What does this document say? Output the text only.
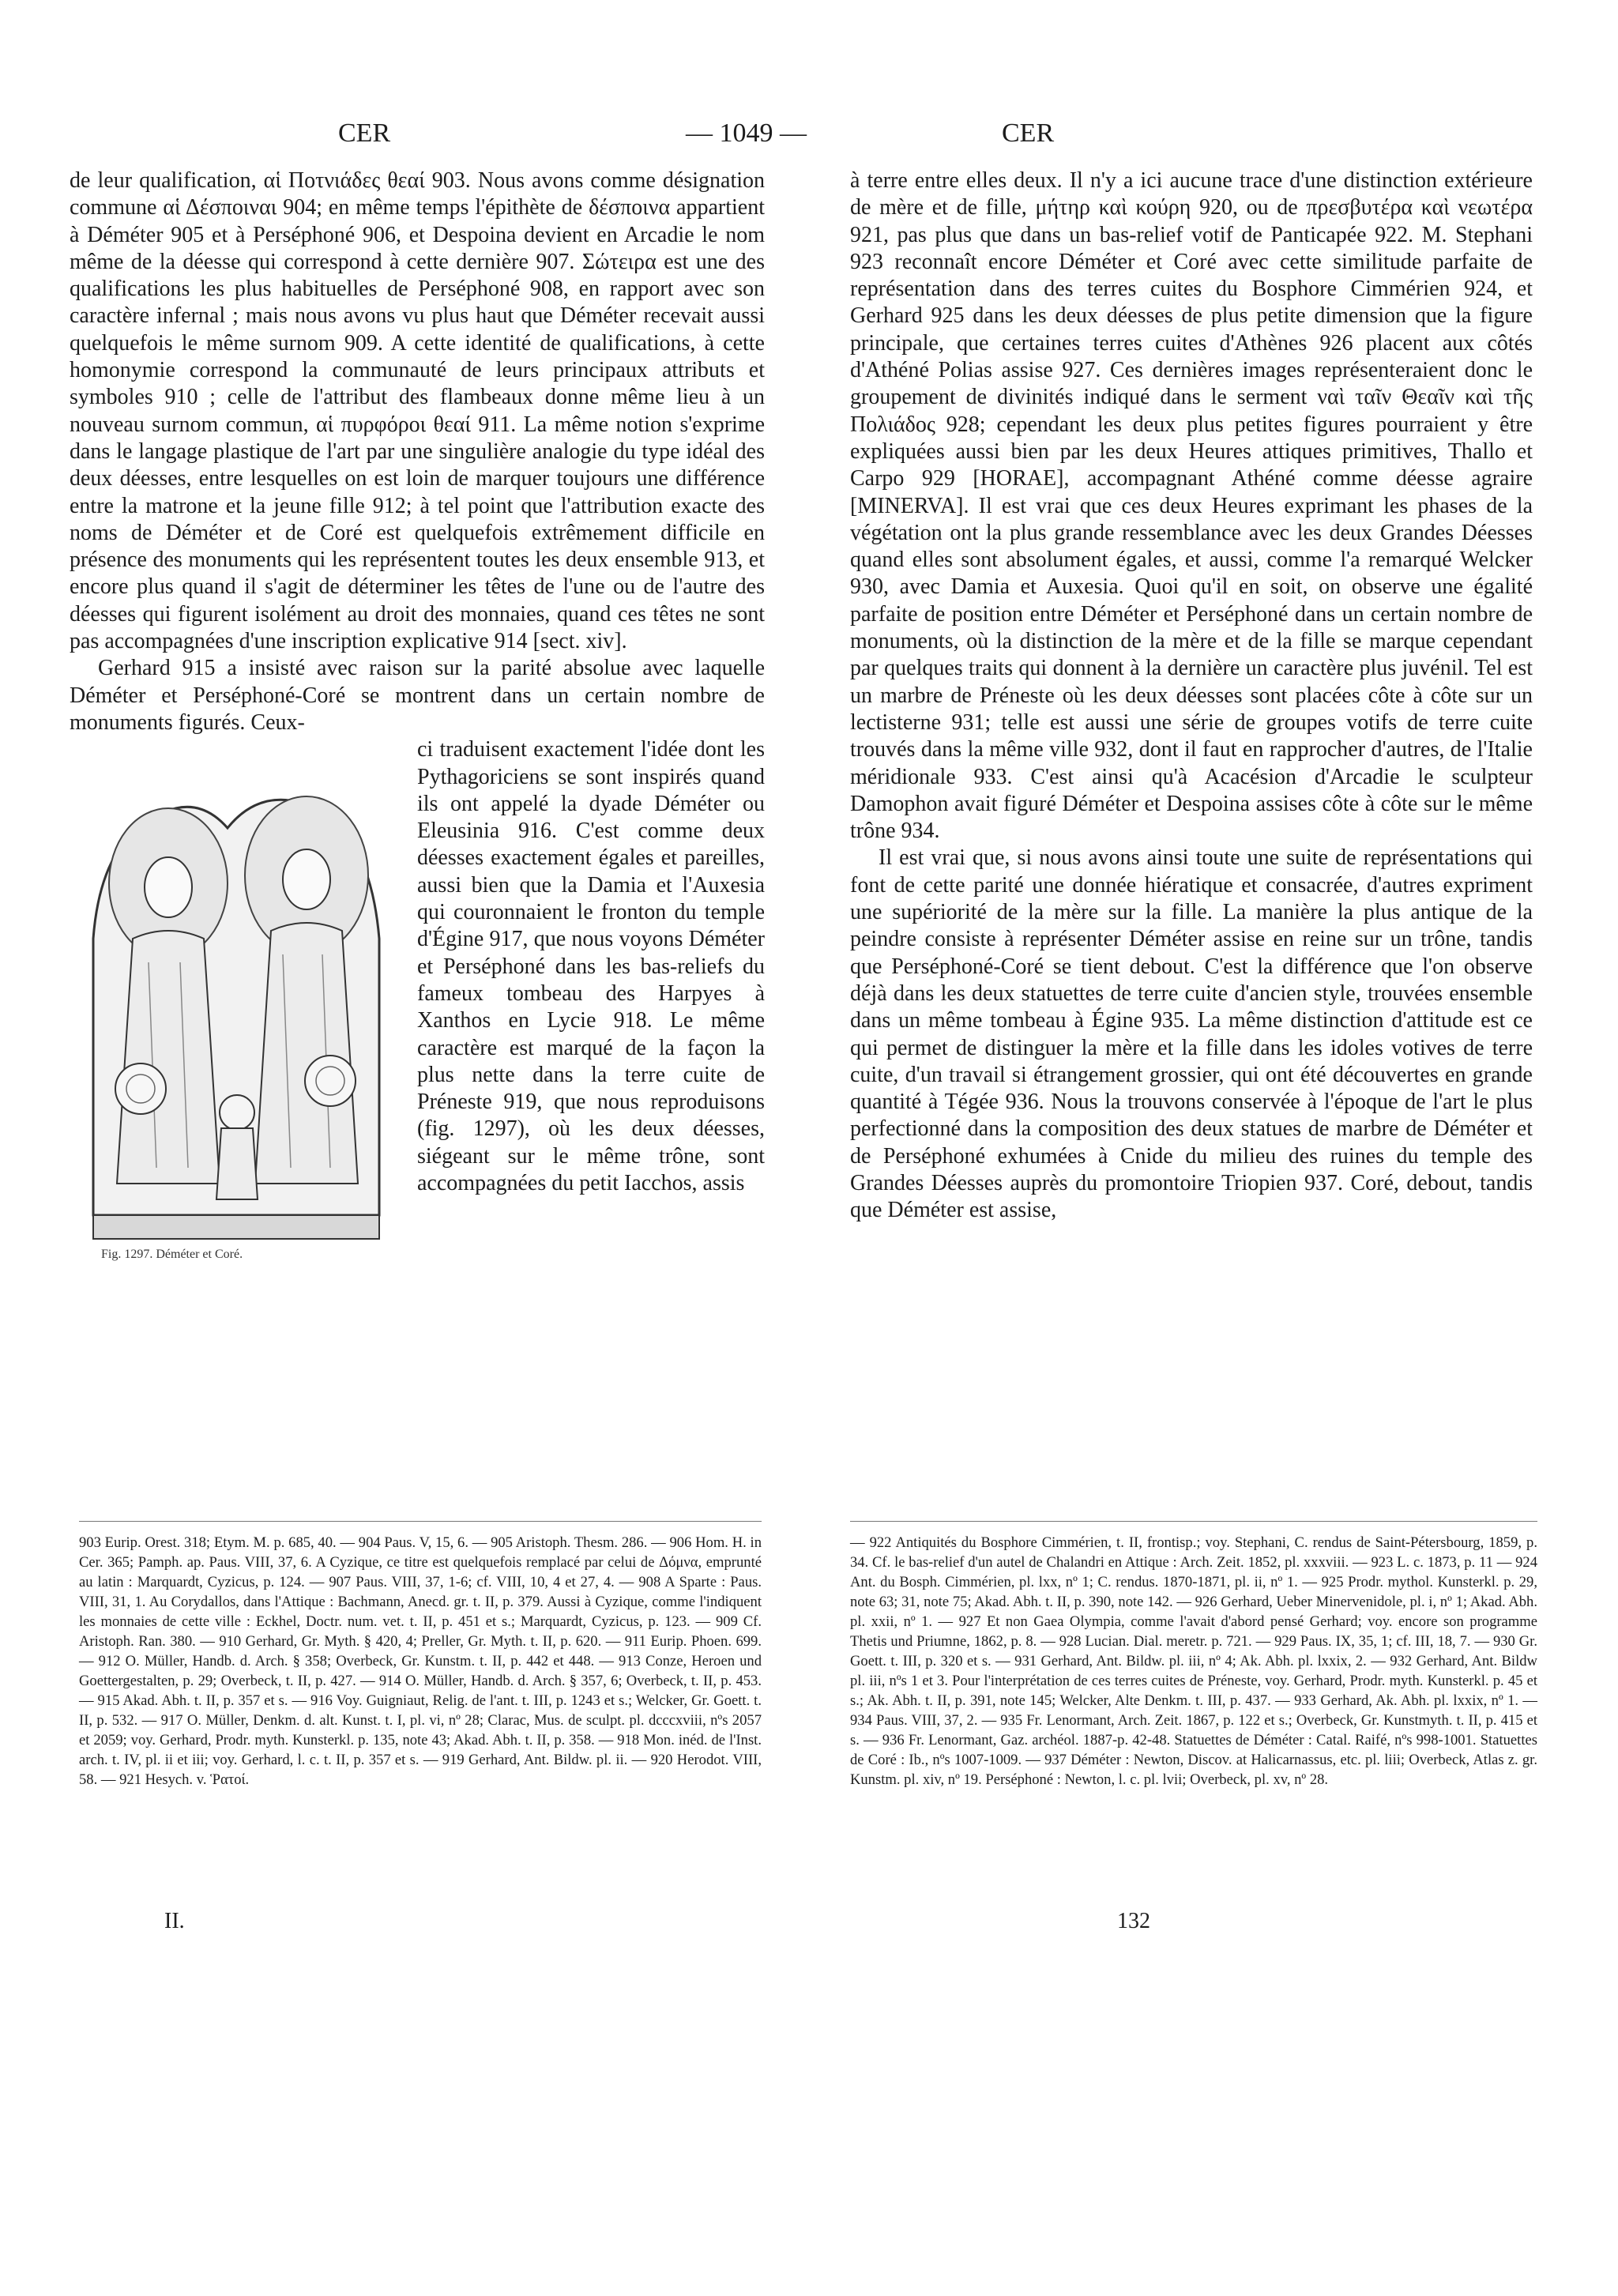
CER	— 1049 —	CER

de leur qualification, αἱ Ποτνιάδες θεαί 903. Nous avons comme désignation commune αἱ Δέσποιναι 904; en même temps l'épithète de δέσποινα appartient à Déméter 905 et à Perséphoné 906, et Despoina devient en Arcadie le nom même de la déesse qui correspond à cette dernière 907. Σώτειρα est une des qualifications les plus habituelles de Perséphoné 908, en rapport avec son caractère infernal ; mais nous avons vu plus haut que Déméter recevait aussi quelquefois le même surnom 909. A cette identité de qualifications, à cette homonymie correspond la communauté de leurs principaux attributs et symboles 910 ; celle de l'attribut des flambeaux donne même lieu à un nouveau surnom commun, αἱ πυρφόροι θεαί 911. La même notion s'exprime dans le langage plastique de l'art par une singulière analogie du type idéal des deux déesses, entre lesquelles on est loin de marquer toujours une différence entre la matrone et la jeune fille 912; à tel point que l'attribution exacte des noms de Déméter et de Coré est quelquefois extrêmement difficile en présence des monuments qui les représentent toutes les deux ensemble 913, et encore plus quand il s'agit de déterminer les têtes de l'une ou de l'autre des déesses qui figurent isolément au droit des monnaies, quand ces têtes ne sont pas accompagnées d'une inscription explicative 914 [sect. xiv].

Gerhard 915 a insisté avec raison sur la parité absolue avec laquelle Déméter et Perséphoné-Coré se montrent dans un certain nombre de monuments figurés. Ceux-

Fig. 1297. Déméter et Coré.

ci traduisent exactement l'idée dont les Pythagoriciens se sont inspirés quand ils ont appelé la dyade Déméter ou Eleusinia 916. C'est comme deux déesses exactement égales et pareilles, aussi bien que la Damia et l'Auxesia qui couronnaient le fronton du temple d'Égine 917, que nous voyons Déméter et Perséphoné dans les bas-reliefs du fameux tombeau des Harpyes à Xanthos en Lycie 918. Le même caractère est marqué de la façon la plus nette dans la terre cuite de Préneste 919, que nous reproduisons (fig. 1297), où les deux déesses, siégeant sur le même trône, sont accompagnées du petit Iacchos, assis

à terre entre elles deux. Il n'y a ici aucune trace d'une distinction extérieure de mère et de fille, μήτηρ καὶ κούρη 920, ou de πρεσβυτέρα καὶ νεωτέρα 921, pas plus que dans un bas-relief votif de Panticapée 922. M. Stephani 923 reconnaît encore Déméter et Coré avec cette similitude parfaite de représentation dans des terres cuites du Bosphore Cimmérien 924, et Gerhard 925 dans les deux déesses de plus petite dimension que la figure principale, que certaines terres cuites d'Athènes 926 placent aux côtés d'Athéné Polias assise 927. Ces dernières images représenteraient donc le groupement de divinités indiqué dans le serment ναὶ ταῖν Θεαῖν καὶ τῆς Πολιάδος 928; cependant les deux plus petites figures pourraient y être expliquées aussi bien par les deux Heures attiques primitives, Thallo et Carpo 929 [HORAE], accompagnant Athéné comme déesse agraire [MINERVA]. Il est vrai que ces deux Heures exprimant les phases de la végétation ont la plus grande ressemblance avec les deux Grandes Déesses quand elles sont absolument égales, et aussi, comme l'a remarqué Welcker 930, avec Damia et Auxesia. Quoi qu'il en soit, on observe une égalité parfaite de position entre Déméter et Perséphoné dans un certain nombre de monuments, où la distinction de la mère et de la fille se marque cependant par quelques traits qui donnent à la dernière un caractère plus juvénil. Tel est un marbre de Préneste où les deux déesses sont placées côte à côte sur un lectisterne 931; telle est aussi une série de groupes votifs de terre cuite trouvés dans la même ville 932, dont il faut en rapprocher d'autres, de l'Italie méridionale 933. C'est ainsi qu'à Acacésion d'Arcadie le sculpteur Damophon avait figuré Déméter et Despoina assises côte à côte sur le même trône 934.

Il est vrai que, si nous avons ainsi toute une suite de représentations qui font de cette parité une donnée hiératique et consacrée, d'autres expriment une supériorité de la mère sur la fille. La manière la plus antique de la peindre consiste à représenter Déméter assise en reine sur un trône, tandis que Perséphoné-Coré se tient debout. C'est la différence que l'on observe déjà dans les deux statuettes de terre cuite d'ancien style, trouvées ensemble dans un même tombeau à Égine 935. La même distinction d'attitude est ce qui permet de distinguer la mère et la fille dans les idoles votives de terre cuite, d'un travail si étrangement grossier, qui ont été découvertes en grande quantité à Tégée 936. Nous la trouvons conservée à l'époque de l'art le plus perfectionné dans la composition des deux statues de marbre de Déméter et de Perséphoné exhumées à Cnide du milieu des ruines du temple des Grandes Déesses auprès du promontoire Triopien 937. Coré, debout, tandis que Déméter est assise,

903 Eurip. Orest. 318; Etym. M. p. 685, 40. — 904 Paus. V, 15, 6. — 905 Aristoph. Thesm. 286. — 906 Hom. H. in Cer. 365; Pamph. ap. Paus. VIII, 37, 6. A Cyzique, ce titre est quelquefois remplacé par celui de Δόμνα, emprunté au latin : Marquardt, Cyzicus, p. 124. — 907 Paus. VIII, 37, 1-6; cf. VIII, 10, 4 et 27, 4. — 908 A Sparte : Paus. VIII, 31, 1. Au Corydallos, dans l'Attique : Bachmann, Anecd. gr. t. II, p. 379. Aussi à Cyzique, comme l'indiquent les monnaies de cette ville : Eckhel, Doctr. num. vet. t. II, p. 451 et s.; Marquardt, Cyzicus, p. 123. — 909 Cf. Aristoph. Ran. 380. — 910 Gerhard, Gr. Myth. § 420, 4; Preller, Gr. Myth. t. II, p. 620. — 911 Eurip. Phoen. 699. — 912 O. Müller, Handb. d. Arch. § 358; Overbeck, Gr. Kunstm. t. II, p. 442 et 448. — 913 Conze, Heroen und Goettergestalten, p. 29; Overbeck, t. II, p. 427. — 914 O. Müller, Handb. d. Arch. § 357, 6; Overbeck, t. II, p. 453. — 915 Akad. Abh. t. II, p. 357 et s. — 916 Voy. Guigniaut, Relig. de l'ant. t. III, p. 1243 et s.; Welcker, Gr. Goett. t. II, p. 532. — 917 O. Müller, Denkm. d. alt. Kunst. t. I, pl. vi, nº 28; Clarac, Mus. de sculpt. pl. dcccxviii, nºs 2057 et 2059; voy. Gerhard, Prodr. myth. Kunsterkl. p. 135, note 43; Akad. Abh. t. II, p. 358. — 918 Mon. inéd. de l'Inst. arch. t. IV, pl. ii et iii; voy. Gerhard, l. c. t. II, p. 357 et s. — 919 Gerhard, Ant. Bildw. pl. ii. — 920 Herodot. VIII, 58. — 921 Hesych. v. Ῥατοί.

— 922 Antiquités du Bosphore Cimmérien, t. II, frontisp.; voy. Stephani, C. rendus de Saint-Pétersbourg, 1859, p. 34. Cf. le bas-relief d'un autel de Chalandri en Attique : Arch. Zeit. 1852, pl. xxxviii. — 923 L. c. 1873, p. 11 — 924 Ant. du Bosph. Cimmérien, pl. lxx, nº 1; C. rendus. 1870-1871, pl. ii, nº 1. — 925 Prodr. mythol. Kunsterkl. p. 29, note 63; 31, note 75; Akad. Abh. t. II, p. 390, note 142. — 926 Gerhard, Ueber Minervenidole, pl. i, nº 1; Akad. Abh. pl. xxii, nº 1. — 927 Et non Gaea Olympia, comme l'avait d'abord pensé Gerhard; voy. encore son programme Thetis und Priumne, 1862, p. 8. — 928 Lucian. Dial. meretr. p. 721. — 929 Paus. IX, 35, 1; cf. III, 18, 7. — 930 Gr. Goett. t. III, p. 320 et s. — 931 Gerhard, Ant. Bildw. pl. iii, nº 4; Ak. Abh. pl. lxxix, 2. — 932 Gerhard, Ant. Bildw pl. iii, nºs 1 et 3. Pour l'interprétation de ces terres cuites de Préneste, voy. Gerhard, Prodr. myth. Kunsterkl. p. 45 et s.; Ak. Abh. t. II, p. 391, note 145; Welcker, Alte Denkm. t. III, p. 437. — 933 Gerhard, Ak. Abh. pl. lxxix, nº 1. — 934 Paus. VIII, 37, 2. — 935 Fr. Lenormant, Arch. Zeit. 1867, p. 122 et s.; Overbeck, Gr. Kunstmyth. t. II, p. 415 et s. — 936 Fr. Lenormant, Gaz. archéol. 1887-p. 42-48. Statuettes de Déméter : Catal. Raifé, nºs 998-1001. Statuettes de Coré : Ib., nºs 1007-1009. — 937 Déméter : Newton, Discov. at Halicarnassus, etc. pl. liii; Overbeck, Atlas z. gr. Kunstm. pl. xiv, nº 19. Perséphoné : Newton, l. c. pl. lvii; Overbeck, pl. xv, nº 28.

II.	132
